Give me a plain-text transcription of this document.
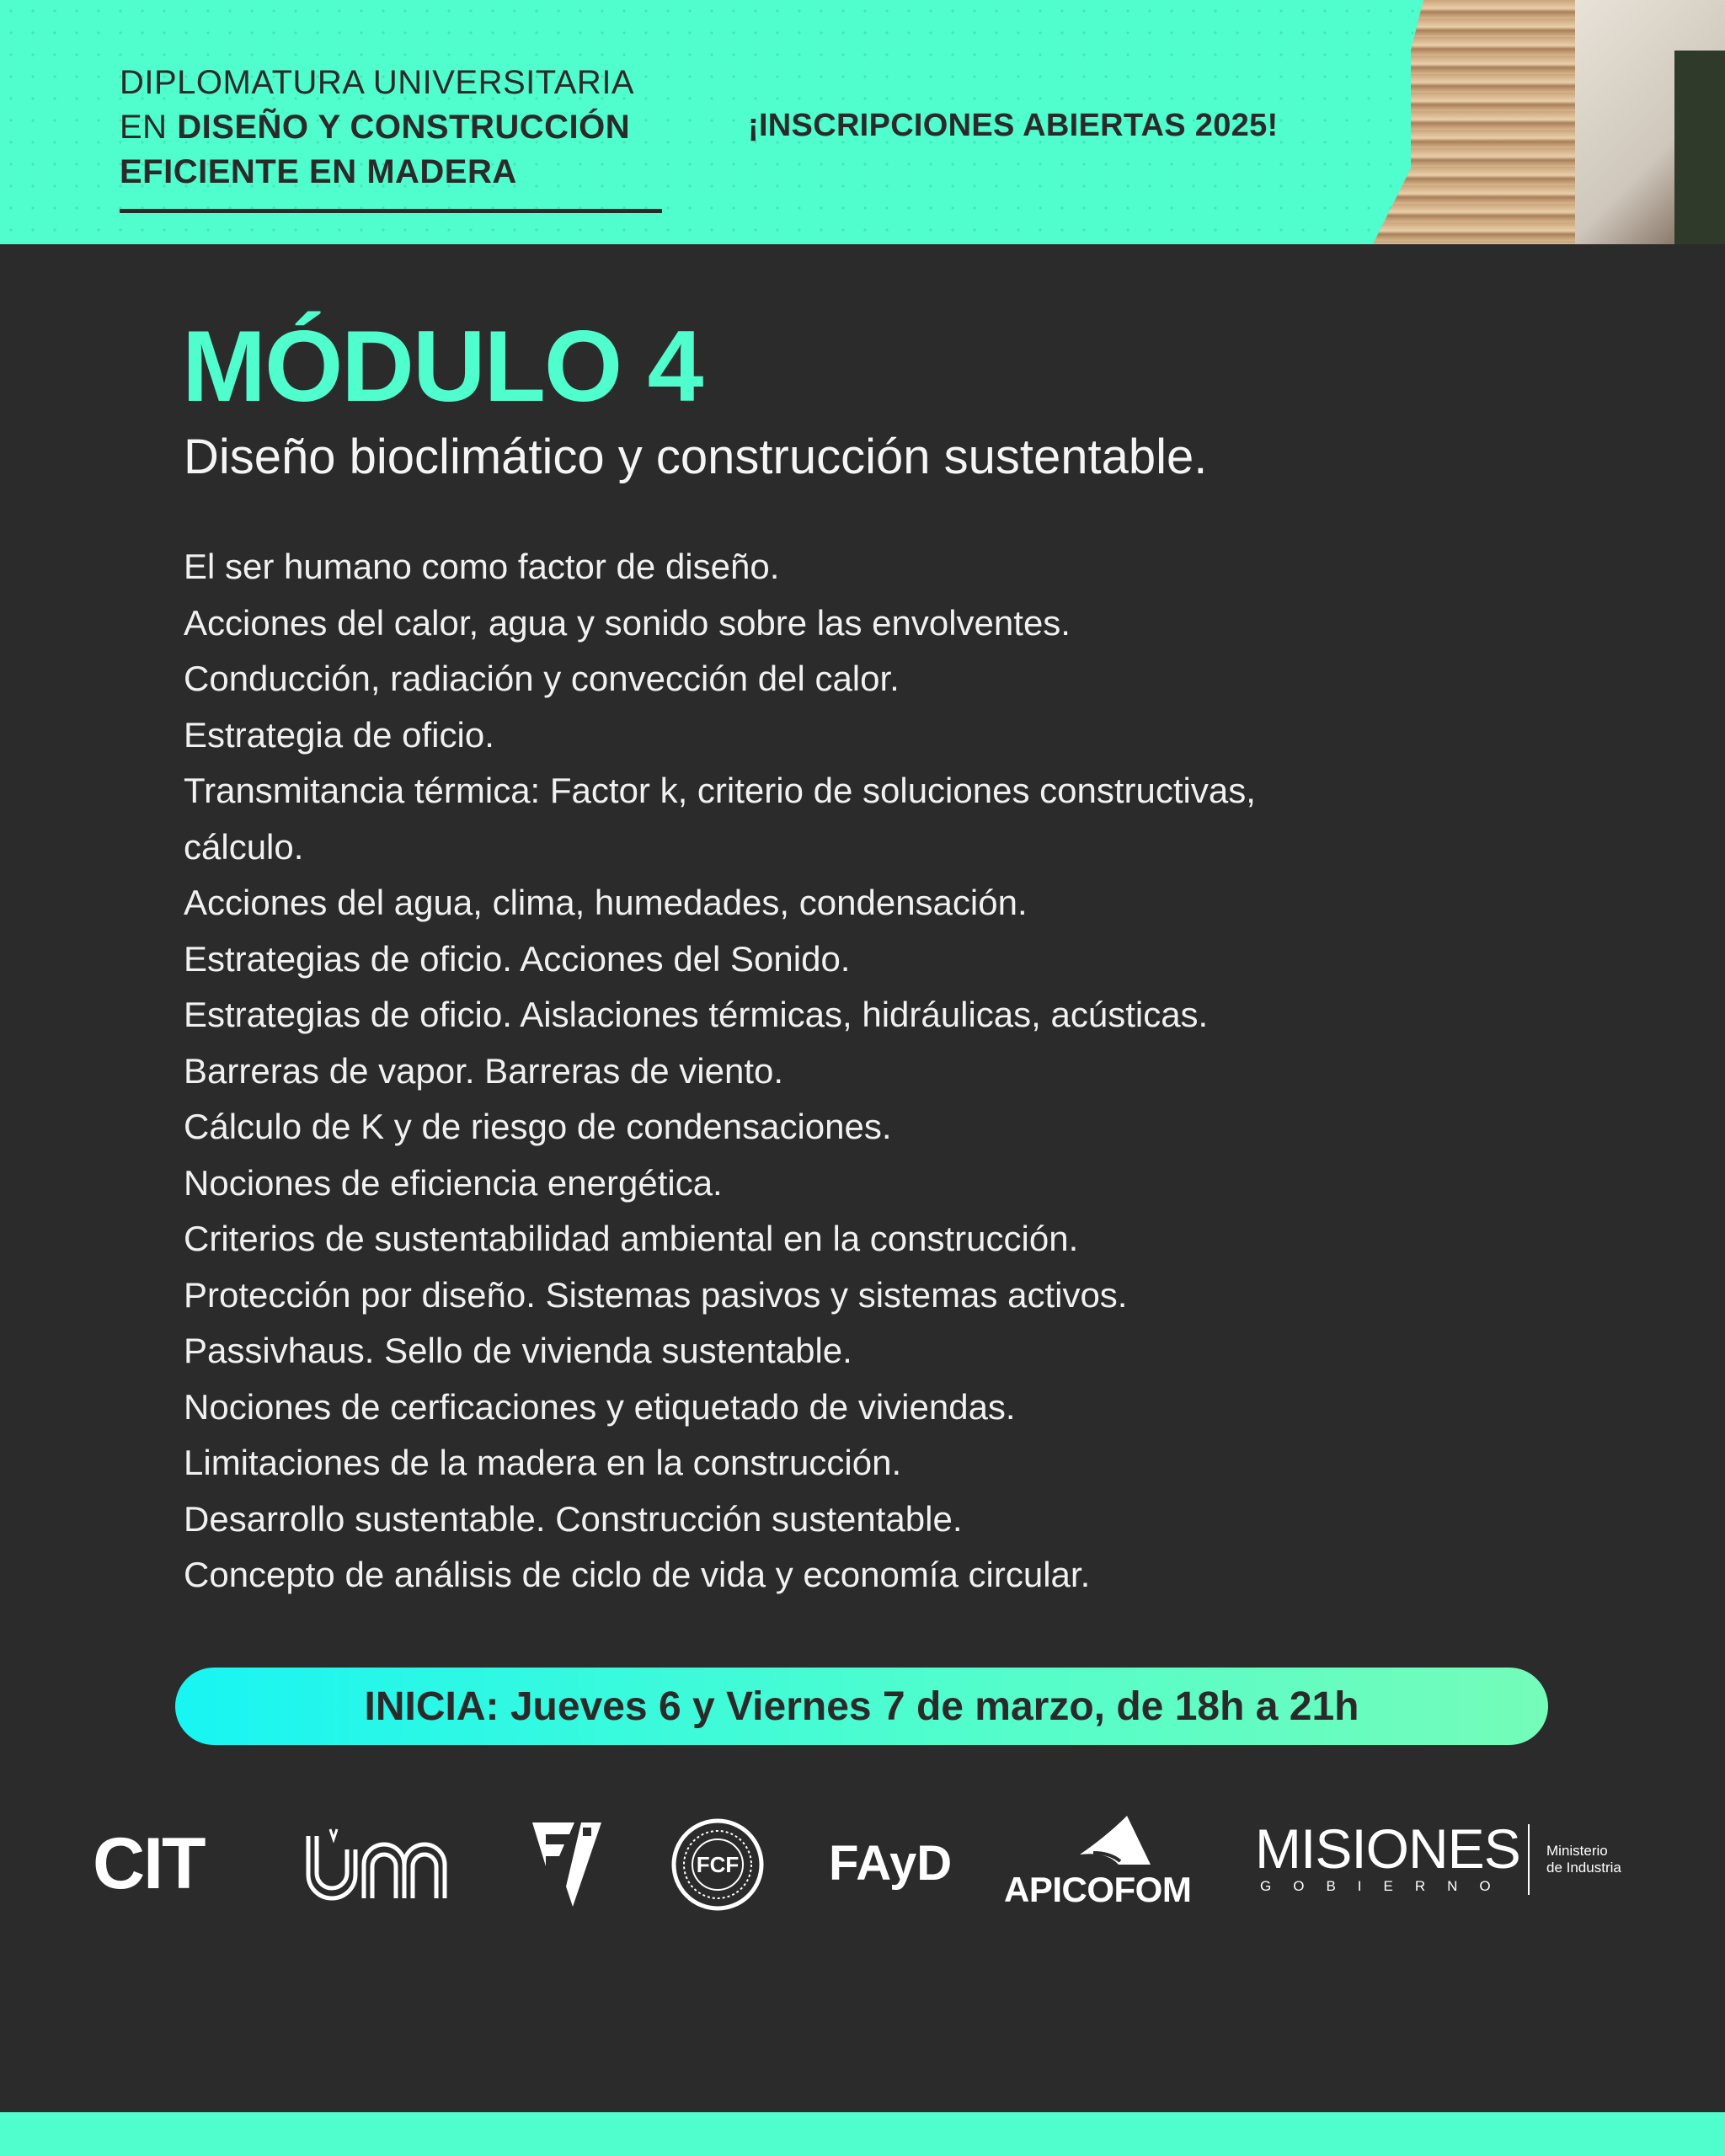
DIPLOMATURA UNIVERSITARIA
EN DISEÑO Y CONSTRUCCIÓN
EFICIENTE EN MADERA
¡INSCRIPCIONES ABIERTAS 2025!
MÓDULO 4
Diseño bioclimático y construcción sustentable.
El ser humano como factor de diseño.
Acciones del calor, agua y sonido sobre las envolventes.
Conducción, radiación y convección del calor.
Estrategia de oficio.
Transmitancia térmica: Factor k, criterio de soluciones constructivas,
cálculo.
Acciones del agua, clima, humedades, condensación.
Estrategias de oficio. Acciones del Sonido.
Estrategias de oficio. Aislaciones térmicas, hidráulicas, acústicas.
Barreras de vapor. Barreras de viento.
Cálculo de K y de riesgo de condensaciones.
Nociones de eficiencia energética.
Criterios de sustentabilidad ambiental en la construcción.
Protección por diseño. Sistemas pasivos y sistemas activos.
Passivhaus. Sello de vivienda sustentable.
Nociones de cerficaciones y etiquetado de viviendas.
Limitaciones de la madera en la construcción.
Desarrollo sustentable. Construcción sustentable.
Concepto de análisis de ciclo de vida y economía circular.
INICIA: Jueves 6 y Viernes 7 de marzo, de 18h a 21h
CIT	FCF FAyD APICOFOM
MISIONES
GOBIERNO
Ministerio
de Industria
